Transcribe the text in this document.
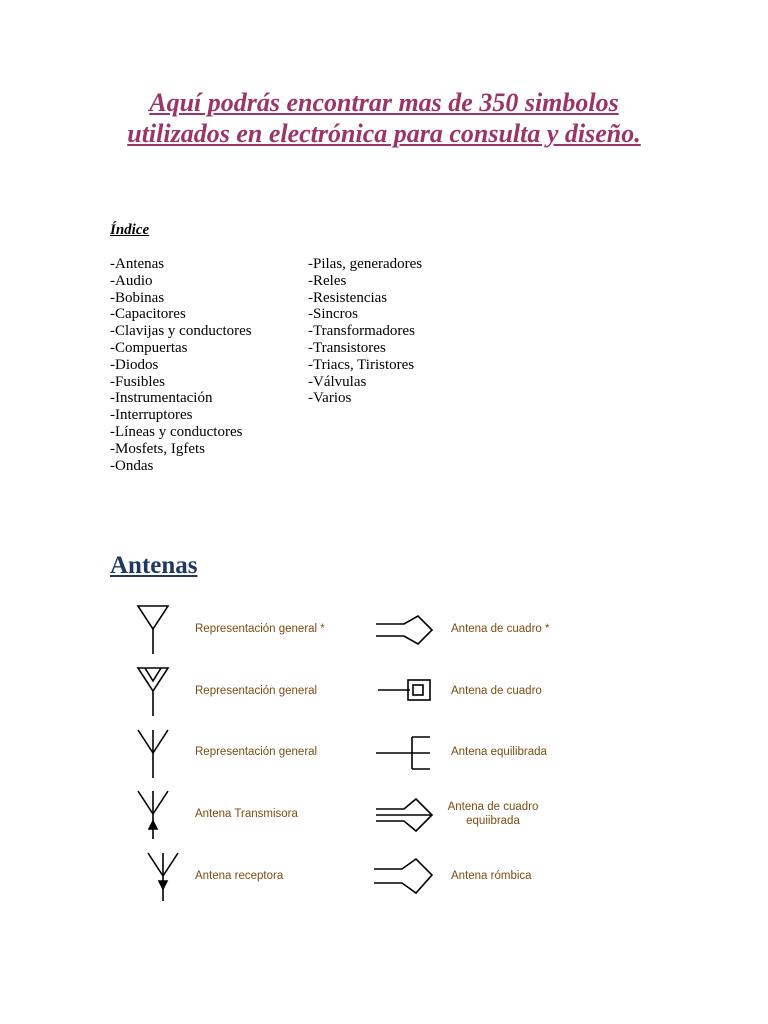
Aquí podrás encontrar mas de 350 simbolos utilizados en electrónica para consulta y diseño.
Índice
-Antenas
-Audio
-Bobinas
-Capacitores
-Clavijas y conductores
-Compuertas
-Diodos
-Fusibles
-Instrumentación
-Interruptores
-Líneas y conductores
-Mosfets, Igfets
-Ondas
-Pilas, generadores
-Reles
-Resistencias
-Sincros
-Transformadores
-Transistores
-Triacs, Tiristores
-Válvulas
-Varios
Antenas
Representación general *
Representación general
Representación general
Antena Transmisora
Antena receptora
Antena de cuadro *
Antena de cuadro
Antena equilibrada
Antena de cuadro equiibrada
Antena rómbica
